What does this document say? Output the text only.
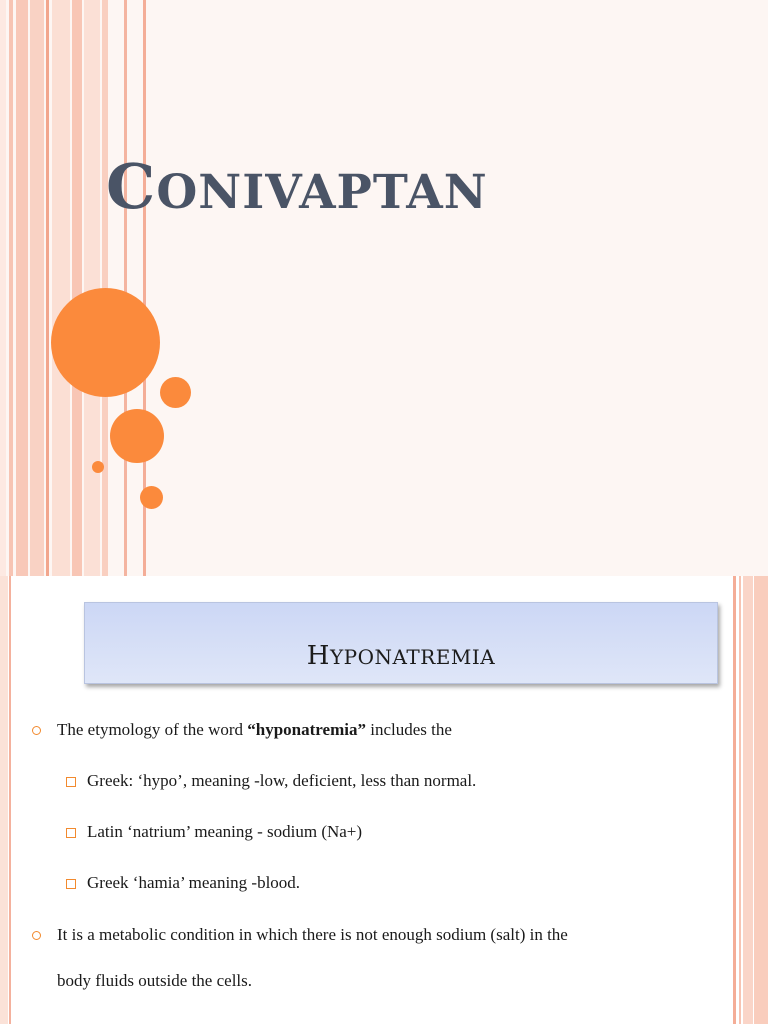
CONIVAPTAN
HYPONATREMIA
The etymology of the word “hyponatremia” includes the
Greek: ‘hypo’, meaning -low, deficient, less than normal.
Latin ‘natrium’ meaning - sodium (Na+)
Greek ‘hamia’ meaning -blood.
It is a metabolic condition in which there is not enough sodium (salt) in the
body fluids outside the cells.
